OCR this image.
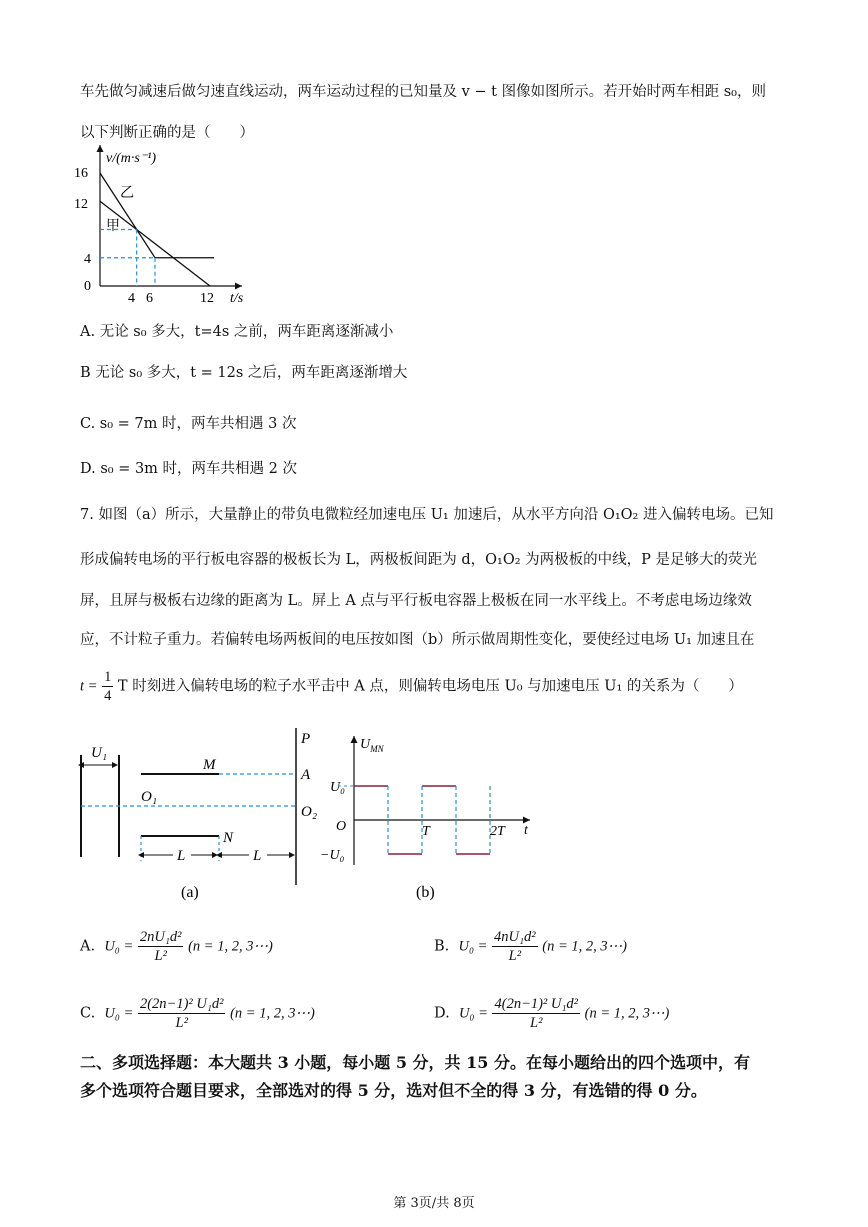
车先做匀减速后做匀速直线运动，两车运动过程的已知量及 v − t 图像如图所示。若开始时两车相距 s₀，则
以下判断正确的是（　　）
v/(m·s⁻¹)
t/s
16
12
4
0
4 6	12
乙
甲
A. 无论 s₀ 多大，t=4s 之前，两车距离逐渐减小
B 无论 s₀ 多大，t = 12s 之后，两车距离逐渐增大
C. s₀ = 7m 时，两车共相遇 3 次
D. s₀ = 3m 时，两车共相遇 2 次
7. 如图（a）所示，大量静止的带负电微粒经加速电压 U₁ 加速后，从水平方向沿 O₁O₂ 进入偏转电场。已知
形成偏转电场的平行板电容器的极板长为 L，两极板间距为 d，O₁O₂ 为两极板的中线，P 是足够大的荧光
屏，且屏与极板右边缘的距离为 L。屏上 A 点与平行板电容器上极板在同一水平线上。不考虑电场边缘效
应，不计粒子重力。若偏转电场两板间的电压按如图（b）所示做周期性变化，要使经过电场 U₁ 加速且在
$t = \frac{1}{4}$ T 时刻进入偏转电场的粒子水平击中 A 点，则偏转电场电压 U₀ 与加速电压 U₁ 的关系为（　　）
U₁
M
N
O₁
P
A
O₂
L	L
(a)
$U_{MN}$
U₀
−U₀
O	T	2T t
(b)
A. $U_0 = \frac{\text{2nU₁d²}}{\text{L²}} (n = 1$, 2, 3⋯)	B. $U_0 = \frac{\text{4nU₁d²}}{\text{L²}} (n = 1$, 2, 3⋯)
C. $U_0 = \frac{\text{2(2n−1)² U₁d²}}{\text{L²}} (n = 1$, 2, 3⋯)	D. $U_0 = \frac{\text{4(2n−1)² U₁d²}}{\text{L²}} (n = 1$, 2, 3⋯)
二、多项选择题：本大题共 3 小题，每小题 5 分，共 15 分。在每小题给出的四个选项中，有
多个选项符合题目要求，全部选对的得 5 分，选对但不全的得 3 分，有选错的得 0 分。
第 3页/共 8页
